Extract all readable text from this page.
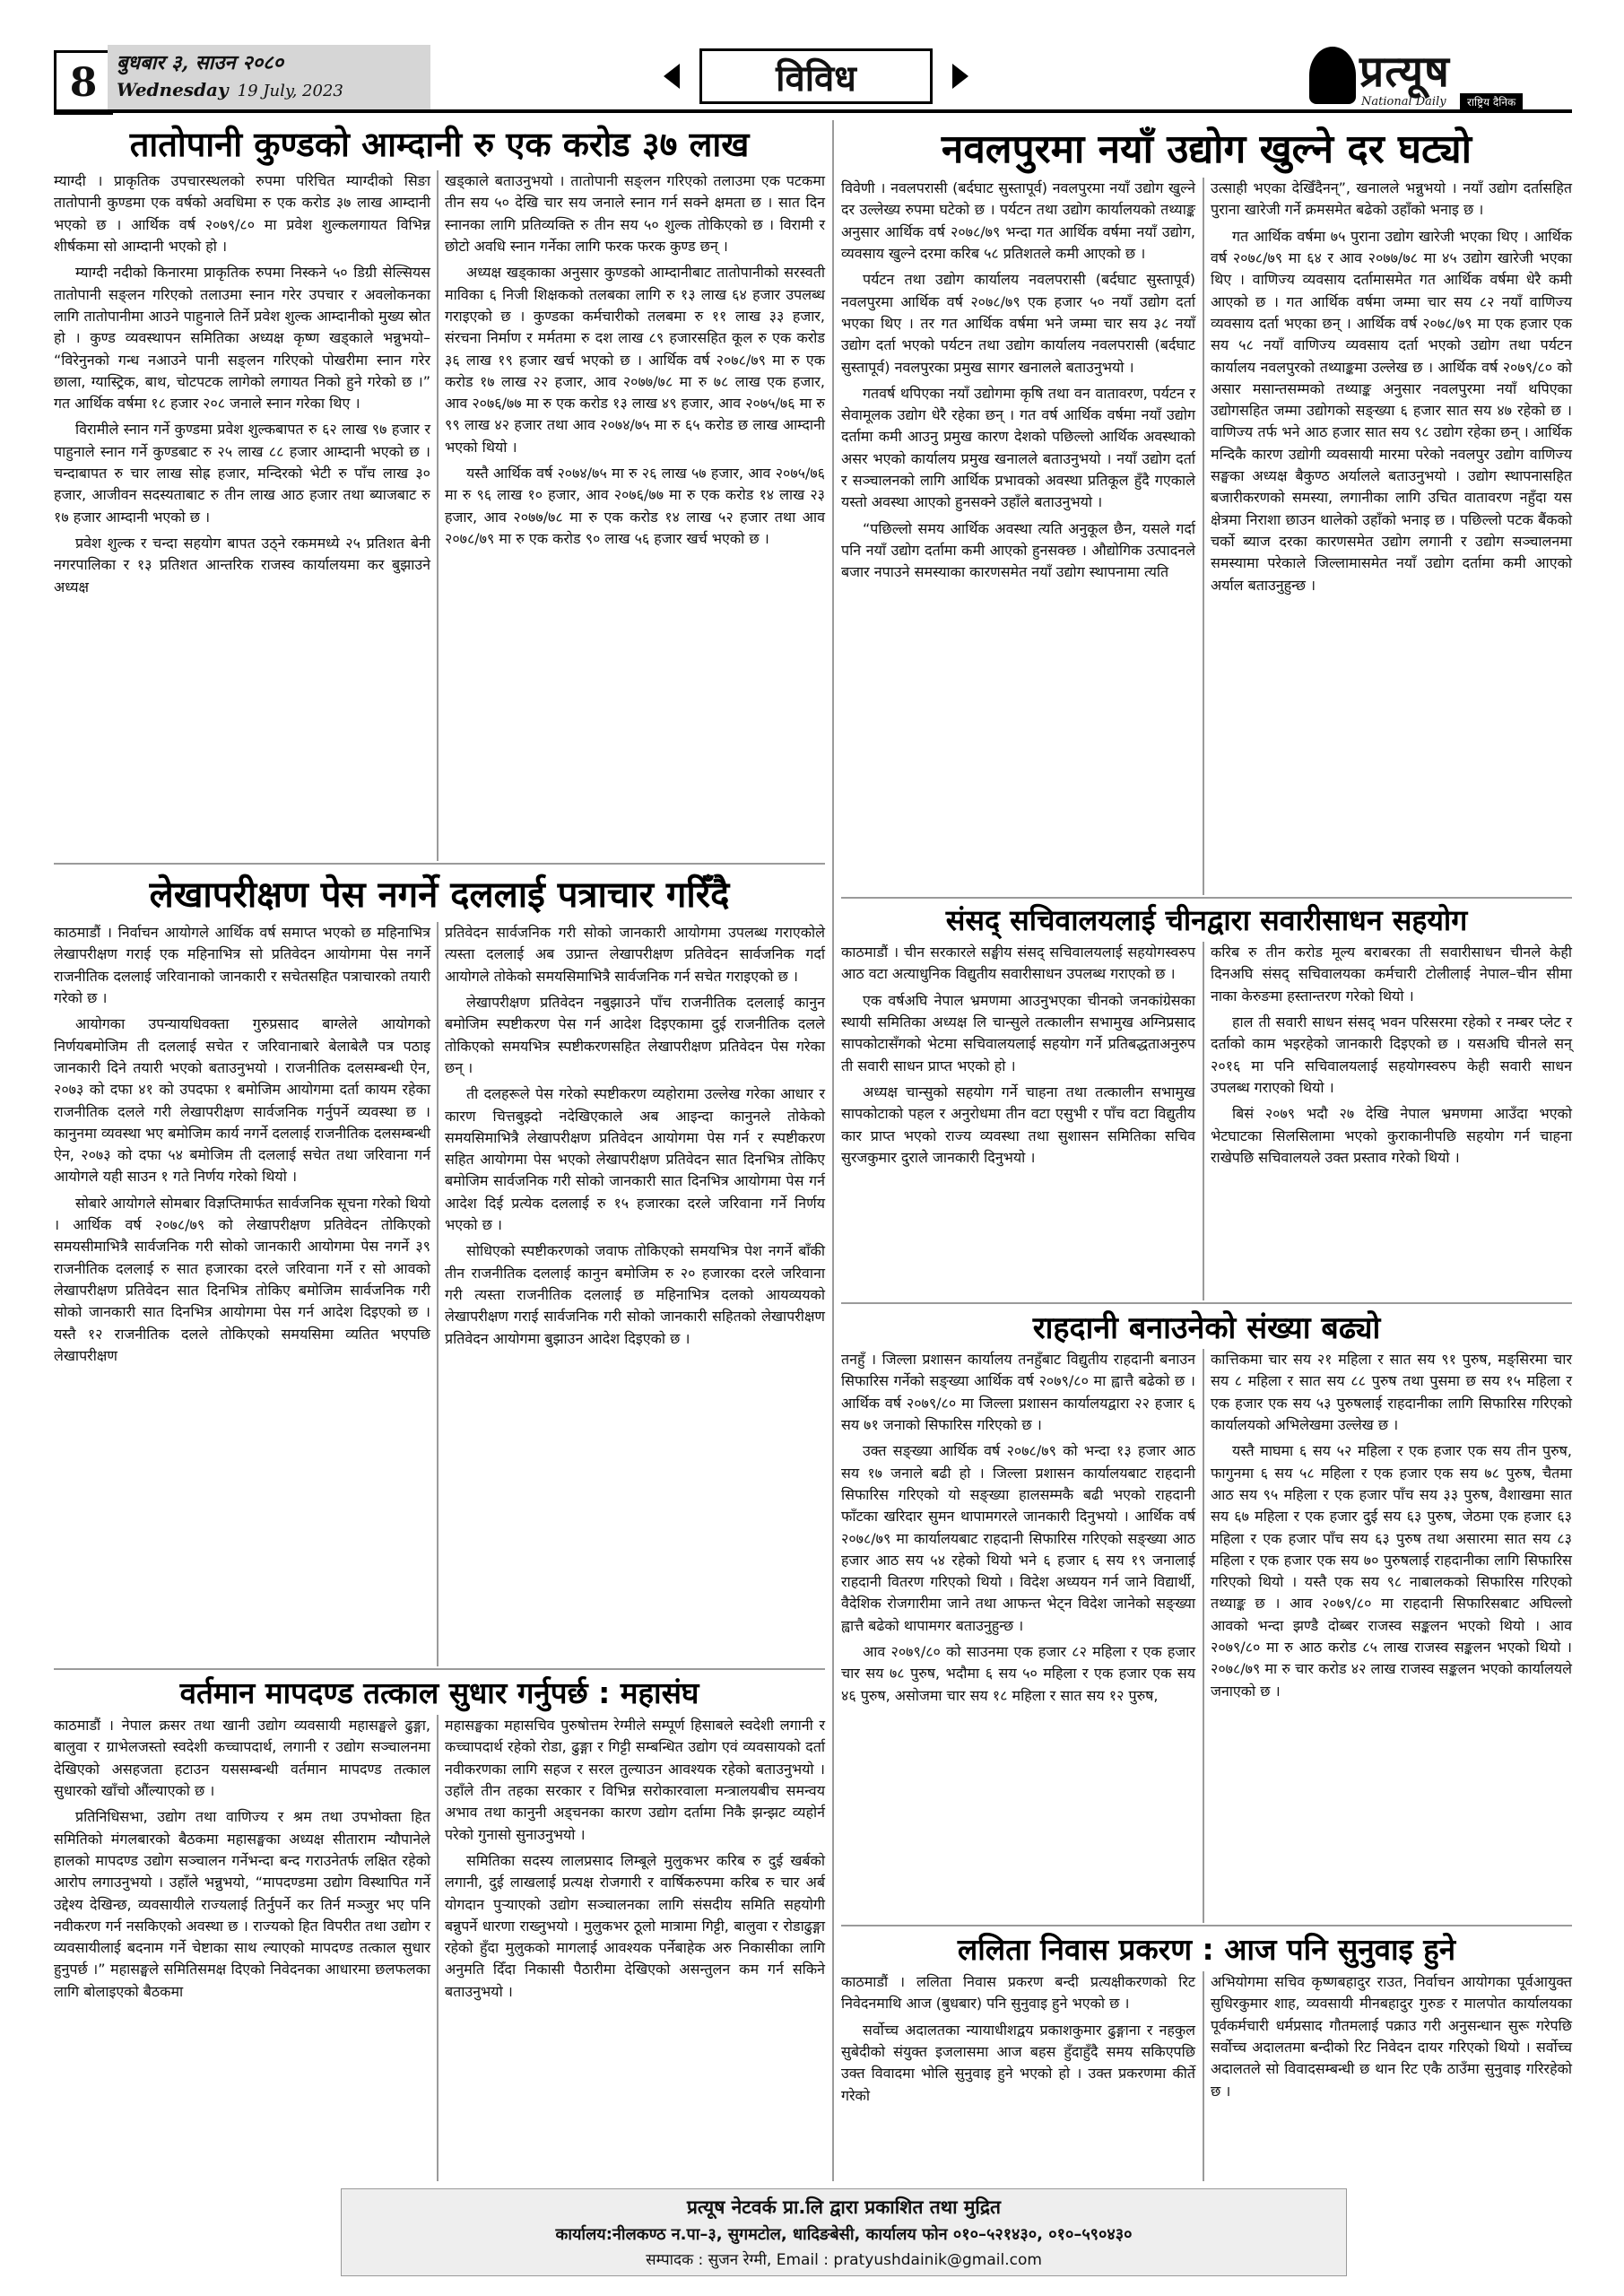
8 बुधबार ३, साउन २०८०
Wednesday 19 July, 2023	विविध	प्रत्यूष
National Daily	राष्ट्रिय दैनिक
तातोपानी कुण्डको आम्दानी रु एक करोड ३७ लाख

म्याग्दी । प्राकृतिक उपचारस्थलको रुपमा परिचित म्याग्दीको सिङा तातोपानी कुण्डमा एक वर्षको अवधिमा रु एक करोड ३७ लाख आम्दानी भएको छ । आर्थिक वर्ष २०७९/८० मा प्रवेश शुल्कलगायत विभिन्न शीर्षकमा सो आम्दानी भएको हो ।

म्याग्दी नदीको किनारमा प्राकृतिक रुपमा निस्कने ५० डिग्री सेल्सियस तातोपानी सङ्लन गरिएको तलाउमा स्नान गरेर उपचार र अवलोकनका लागि तातोपानीमा आउने पाहुनाले तिर्ने प्रवेश शुल्क आम्दानीको मुख्य स्रोत हो । कुण्ड व्यवस्थापन समितिका अध्यक्ष कृष्ण खड्काले भन्नुभयो– “विरेनुनको गन्ध नआउने पानी सङ्लन गरिएको पोखरीमा स्नान गरेर छाला, ग्यास्ट्रिक, बाथ, चोटपटक लागेको लगायत निको हुने गरेको छ ।” गत आर्थिक वर्षमा १८ हजार २०८ जनाले स्नान गरेका थिए ।

विरामीले स्नान गर्ने कुण्डमा प्रवेश शुल्कबापत रु ६२ लाख ९७ हजार र पाहुनाले स्नान गर्ने कुण्डबाट रु २५ लाख ८८ हजार आम्दानी भएको छ । चन्दाबापत रु चार लाख सोह्र हजार, मन्दिरको भेटी रु पाँच लाख ३० हजार, आजीवन सदस्यताबाट रु तीन लाख आठ हजार तथा ब्याजबाट रु १७ हजार आम्दानी भएको छ ।

प्रवेश शुल्क र चन्दा सहयोग बापत उठ्ने रकममध्ये २५ प्रतिशत बेनी नगरपालिका र १३ प्रतिशत आन्तरिक राजस्व कार्यालयमा कर बुझाउने अध्यक्ष

खड्काले बताउनुभयो । तातोपानी सङ्लन गरिएको तलाउमा एक पटकमा तीन सय ५० देखि चार सय जनाले स्नान गर्न सक्ने क्षमता छ । सात दिन स्नानका लागि प्रतिव्यक्ति रु तीन सय ५० शुल्क तोकिएको छ । विरामी र छोटो अवधि स्नान गर्नेका लागि फरक फरक कुण्ड छन् ।

अध्यक्ष खड्काका अनुसार कुण्डको आम्दानीबाट तातोपानीको सरस्वती माविका ६ निजी शिक्षकको तलबका लागि रु १३ लाख ६४ हजार उपलब्ध गराइएको छ । कुण्डका कर्मचारीको तलबमा रु ११ लाख ३३ हजार, संरचना निर्माण र मर्मतमा रु दश लाख ८९ हजारसहित कूल रु एक करोड ३६ लाख १९ हजार खर्च भएको छ । आर्थिक वर्ष २०७८/७९ मा रु एक करोड १७ लाख २२ हजार, आव २०७७/७८ मा रु ७८ लाख एक हजार, आव २०७६/७७ मा रु एक करोड १३ लाख ४९ हजार, आव २०७५/७६ मा रु ९९ लाख ४२ हजार तथा आव २०७४/७५ मा रु ६५ करोड छ लाख आम्दानी भएको थियो ।

यस्तै आर्थिक वर्ष २०७४/७५ मा रु २६ लाख ५७ हजार, आव २०७५/७६ मा रु ९६ लाख १० हजार, आव २०७६/७७ मा रु एक करोड १४ लाख २३ हजार, आव २०७७/७८ मा रु एक करोड १४ लाख ५२ हजार तथा आव २०७८/७९ मा रु एक करोड ९० लाख ५६ हजार खर्च भएको छ ।

लेखापरीक्षण पेस नगर्ने दललाई पत्राचार गरिँदै

काठमाडौं । निर्वाचन आयोगले आर्थिक वर्ष समाप्त भएको छ महिनाभित्र लेखापरीक्षण गराई एक महिनाभित्र सो प्रतिवेदन आयोगमा पेस नगर्ने राजनीतिक दललाई जरिवानाको जानकारी र सचेतसहित पत्राचारको तयारी गरेको छ ।

आयोगका उपन्यायधिवक्ता गुरुप्रसाद बाग्लेले आयोगको निर्णयबमोजिम ती दललाई सचेत र जरिवानाबारे बेलाबेलै पत्र पठाइ जानकारी दिने तयारी भएको बताउनुभयो । राजनीतिक दलसम्बन्धी ऐन, २०७३ को दफा ४१ को उपदफा १ बमोजिम आयोगमा दर्ता कायम रहेका राजनीतिक दलले गरी लेखापरीक्षण सार्वजनिक गर्नुपर्ने व्यवस्था छ । कानुनमा व्यवस्था भए बमोजिम कार्य नगर्ने दललाई राजनीतिक दलसम्बन्धी ऐन, २०७३ को दफा ५४ बमोजिम ती दललाई सचेत तथा जरिवाना गर्न आयोगले यही साउन १ गते निर्णय गरेको थियो ।

सोबारे आयोगले सोमबार विज्ञप्तिमार्फत सार्वजनिक सूचना गरेको थियो । आर्थिक वर्ष २०७८/७९ को लेखापरीक्षण प्रतिवेदन तोकिएको समयसीमाभित्रै सार्वजनिक गरी सोको जानकारी आयोगमा पेस नगर्ने ३९ राजनीतिक दललाई रु सात हजारका दरले जरिवाना गर्ने र सो आवको लेखापरीक्षण प्रतिवेदन सात दिनभित्र तोकिए बमोजिम सार्वजनिक गरी सोको जानकारी सात दिनभित्र आयोगमा पेस गर्न आदेश दिइएको छ । यस्तै १२ राजनीतिक दलले तोकिएको समयसिमा व्यतित भएपछि लेखापरीक्षण

प्रतिवेदन सार्वजनिक गरी सोको जानकारी आयोगमा उपलब्ध गराएकोले त्यस्ता दललाई अब उप्रान्त लेखापरीक्षण प्रतिवेदन सार्वजनिक गर्दा आयोगले तोकेको समयसिमाभित्रै सार्वजनिक गर्न सचेत गराइएको छ ।

लेखापरीक्षण प्रतिवेदन नबुझाउने पाँच राजनीतिक दललाई कानुन बमोजिम स्पष्टीकरण पेस गर्न आदेश दिइएकामा दुई राजनीतिक दलले तोकिएको समयभित्र स्पष्टीकरणसहित लेखापरीक्षण प्रतिवेदन पेस गरेका छन् ।

ती दलहरूले पेस गरेको स्पष्टीकरण व्यहोरामा उल्लेख गरेका आधार र कारण चित्तबुझ्दो नदेखिएकाले अब आइन्दा कानुनले तोकेको समयसिमाभित्रै लेखापरीक्षण प्रतिवेदन आयोगमा पेस गर्न र स्पष्टीकरण सहित आयोगमा पेस भएको लेखापरीक्षण प्रतिवेदन सात दिनभित्र तोकिए बमोजिम सार्वजनिक गरी सोको जानकारी सात दिनभित्र आयोगमा पेस गर्न आदेश दिई प्रत्येक दललाई रु १५ हजारका दरले जरिवाना गर्ने निर्णय भएको छ ।

सोधिएको स्पष्टीकरणको जवाफ तोकिएको समयभित्र पेश नगर्ने बाँकी तीन राजनीतिक दललाई कानुन बमोजिम रु २० हजारका दरले जरिवाना गरी त्यस्ता राजनीतिक दललाई छ महिनाभित्र दलको आयव्ययको लेखापरीक्षण गराई सार्वजनिक गरी सोको जानकारी सहितको लेखापरीक्षण प्रतिवेदन आयोगमा बुझाउन आदेश दिइएको छ ।

वर्तमान मापदण्ड तत्काल सुधार गर्नुपर्छ : महासंघ

काठमाडौं । नेपाल क्रसर तथा खानी उद्योग व्यवसायी महासङ्घले ढुङ्गा, बालुवा र ग्राभेलजस्तो स्वदेशी कच्चापदार्थ, लगानी र उद्योग सञ्चालनमा देखिएको असहजता हटाउन यससम्बन्धी वर्तमान मापदण्ड तत्काल सुधारको खाँचो औंल्याएको छ ।

प्रतिनिधिसभा, उद्योग तथा वाणिज्य र श्रम तथा उपभोक्ता हित समितिको मंगलबारको बैठकमा महासङ्घका अध्यक्ष सीताराम न्यौपानेले हालको मापदण्ड उद्योग सञ्चालन गर्नेभन्दा बन्द गराउनेतर्फ लक्षित रहेको आरोप लगाउनुभयो । उहाँले भन्नुभयो, “मापदण्डमा उद्योग विस्थापित गर्ने उद्देश्य देखिन्छ, व्यवसायीले राज्यलाई तिर्नुपर्ने कर तिर्न मञ्जुर भए पनि नवीकरण गर्न नसकिएको अवस्था छ । राज्यको हित विपरीत तथा उद्योग र व्यवसायीलाई बदनाम गर्ने चेष्टाका साथ ल्याएको मापदण्ड तत्काल सुधार हुनुपर्छ ।” महासङ्घले समितिसमक्ष दिएको निवेदनका आधारमा छलफलका लागि बोलाइएको बैठकमा

महासङ्घका महासचिव पुरुषोत्तम रेग्मीले सम्पूर्ण हिसाबले स्वदेशी लगानी र कच्चापदार्थ रहेको रोडा, ढुङ्गा र गिट्टी सम्बन्धित उद्योग एवं व्यवसायको दर्ता नवीकरणका लागि सहज र सरल तुल्याउन आवश्यक रहेको बताउनुभयो । उहाँले तीन तहका सरकार र विभिन्न सरोकारवाला मन्त्रालयबीच समन्वय अभाव तथा कानुनी अड्चनका कारण उद्योग दर्तामा निकै झन्झट व्यहोर्न परेको गुनासो सुनाउनुभयो ।

समितिका सदस्य लालप्रसाद लिम्बूले मुलुकभर करिब रु दुई खर्बको लगानी, दुई लाखलाई प्रत्यक्ष रोजगारी र वार्षिकरुपमा करिब रु चार अर्ब योगदान पुऱ्याएको उद्योग सञ्चालनका लागि संसदीय समिति सहयोगी बन्नुपर्ने धारणा राख्नुभयो । मुलुकभर ठूलो मात्रामा गिट्टी, बालुवा र रोडाढुङ्गा रहेको हुँदा मुलुकको मागलाई आवश्यक पर्नेबाहेक अरु निकासीका लागि अनुमति दिँदा निकासी पैठारीमा देखिएको असन्तुलन कम गर्न सकिने बताउनुभयो ।

नवलपुरमा नयाँ उद्योग खुल्ने दर घट्यो

विवेणी । नवलपरासी (बर्दघाट सुस्तापूर्व) नवलपुरमा नयाँ उद्योग खुल्ने दर उल्लेख्य रुपमा घटेको छ । पर्यटन तथा उद्योग कार्यालयको तथ्याङ्क अनुसार आर्थिक वर्ष २०७८/७९ भन्दा गत आर्थिक वर्षमा नयाँ उद्योग, व्यवसाय खुल्ने दरमा करिब ५८ प्रतिशतले कमी आएको छ ।

पर्यटन तथा उद्योग कार्यालय नवलपरासी (बर्दघाट सुस्तापूर्व) नवलपुरमा आर्थिक वर्ष २०७८/७९ एक हजार ५० नयाँ उद्योग दर्ता भएका थिए । तर गत आर्थिक वर्षमा भने जम्मा चार सय ३८ नयाँ उद्योग दर्ता भएको पर्यटन तथा उद्योग कार्यालय नवलपरासी (बर्दघाट सुस्तापूर्व) नवलपुरका प्रमुख सागर खनालले बताउनुभयो ।

गतवर्ष थपिएका नयाँ उद्योगमा कृषि तथा वन वातावरण, पर्यटन र सेवामूलक उद्योग धेरै रहेका छन् । गत वर्ष आर्थिक वर्षमा नयाँ उद्योग दर्तामा कमी आउनु प्रमुख कारण देशको पछिल्लो आर्थिक अवस्थाको असर भएको कार्यालय प्रमुख खनालले बताउनुभयो । नयाँ उद्योग दर्ता र सञ्चालनको लागि आर्थिक प्रभावको अवस्था प्रतिकूल हुँदै गएकाले यस्तो अवस्था आएको हुनसक्ने उहाँले बताउनुभयो ।

“पछिल्लो समय आर्थिक अवस्था त्यति अनुकूल छैन, यसले गर्दा पनि नयाँ उद्योग दर्तामा कमी आएको हुनसक्छ । औद्योगिक उत्पादनले बजार नपाउने समस्याका कारणसमेत नयाँ उद्योग स्थापनामा त्यति

उत्साही भएका देखिँदैनन्”, खनालले भन्नुभयो । नयाँ उद्योग दर्तासहित पुराना खारेजी गर्ने क्रमसमेत बढेको उहाँको भनाइ छ ।

गत आर्थिक वर्षमा ७५ पुराना उद्योग खारेजी भएका थिए । आर्थिक वर्ष २०७८/७९ मा ६४ र आव २०७७/७८ मा ४५ उद्योग खारेजी भएका थिए । वाणिज्य व्यवसाय दर्तामासमेत गत आर्थिक वर्षमा धेरै कमी आएको छ । गत आर्थिक वर्षमा जम्मा चार सय ८२ नयाँ वाणिज्य व्यवसाय दर्ता भएका छन् । आर्थिक वर्ष २०७८/७९ मा एक हजार एक सय ५८ नयाँ वाणिज्य व्यवसाय दर्ता भएको उद्योग तथा पर्यटन कार्यालय नवलपुरको तथ्याङ्कमा उल्लेख छ । आर्थिक वर्ष २०७९/८० को असार मसान्तसम्मको तथ्याङ्क अनुसार नवलपुरमा नयाँ थपिएका उद्योगसहित जम्मा उद्योगको सङ्ख्या ६ हजार सात सय ४७ रहेको छ । वाणिज्य तर्फ भने आठ हजार सात सय ९८ उद्योग रहेका छन् । आर्थिक मन्दिकै कारण उद्योगी व्यवसायी मारमा परेको नवलपुर उद्योग वाणिज्य सङ्घका अध्यक्ष बैकुण्ठ अर्यालले बताउनुभयो । उद्योग स्थापनासहित बजारीकरणको समस्या, लगानीका लागि उचित वातावरण नहुँदा यस क्षेत्रमा निराशा छाउन थालेको उहाँको भनाइ छ । पछिल्लो पटक बैंकको चर्को ब्याज दरका कारणसमेत उद्योग लगानी र उद्योग सञ्चालनमा समस्यामा परेकाले जिल्लामासमेत नयाँ उद्योग दर्तामा कमी आएको अर्याल बताउनुहुन्छ ।

संसद् सचिवालयलाई चीनद्वारा सवारीसाधन सहयोग

काठमाडौं । चीन सरकारले सङ्घीय संसद् सचिवालयलाई सहयोगस्वरुप आठ वटा अत्याधुनिक विद्युतीय सवारीसाधन उपलब्ध गराएको छ ।

एक वर्षअघि नेपाल भ्रमणमा आउनुभएका चीनको जनकांग्रेसका स्थायी समितिका अध्यक्ष लि चान्सुले तत्कालीन सभामुख अग्निप्रसाद सापकोटासँगको भेटमा सचिवालयलाई सहयोग गर्ने प्रतिबद्धताअनुरुप ती सवारी साधन प्राप्त भएको हो ।

अध्यक्ष चान्सुको सहयोग गर्ने चाहना तथा तत्कालीन सभामुख सापकोटाको पहल र अनुरोधमा तीन वटा एसुभी र पाँच वटा विद्युतीय कार प्राप्त भएको राज्य व्यवस्था तथा सुशासन समितिका सचिव सुरजकुमार दुरालेे जानकारी दिनुभयो ।

करिब रु तीन करोड मूल्य बराबरका ती सवारीसाधन चीनले केही दिनअघि संसद् सचिवालयका कर्मचारी टोलीलाई नेपाल–चीन सीमा नाका केरुङमा हस्तान्तरण गरेको थियो ।

हाल ती सवारी साधन संसद् भवन परिसरमा रहेको र नम्बर प्लेट र दर्ताको काम भइरहेको जानकारी दिइएको छ । यसअघि चीनले सन् २०१६ मा पनि सचिवालयलाई सहयोगस्वरुप केही सवारी साधन उपलब्ध गराएको थियो ।

बिसं २०७९ भदौ २७ देखि नेपाल भ्रमणमा आउँदा भएको भेटघाटका सिलसिलामा भएको कुराकानीपछि सहयोग गर्न चाहना राखेपछि सचिवालयले उक्त प्रस्ताव गरेको थियो ।

राहदानी बनाउनेको संख्या बढ्यो

तनहुँ । जिल्ला प्रशासन कार्यालय तनहुँबाट विद्युतीय राहदानी बनाउन सिफारिस गर्नेको सङ्ख्या आर्थिक वर्ष २०७९/८० मा ह्वात्तै बढेको छ । आर्थिक वर्ष २०७९/८० मा जिल्ला प्रशासन कार्यालयद्वारा २२ हजार ६ सय ७१ जनाको सिफारिस गरिएको छ ।

उक्त सङ्ख्या आर्थिक वर्ष २०७८/७९ को भन्दा १३ हजार आठ सय १७ जनाले बढी हो । जिल्ला प्रशासन कार्यालयबाट राहदानी सिफारिस गरिएको यो सङ्ख्या हालसम्मकै बढी भएको राहदानी फाँटका खरिदार सुमन थापामगरले जानकारी दिनुभयो । आर्थिक वर्ष २०७८/७९ मा कार्यालयबाट राहदानी सिफारिस गरिएको सङ्ख्या आठ हजार आठ सय ५४ रहेको थियो भने ६ हजार ६ सय १९ जनालाई राहदानी वितरण गरिएको थियो । विदेश अध्ययन गर्न जाने विद्यार्थी, वैदेशिक रोजगारीमा जाने तथा आफन्त भेट्न विदेश जानेको सङ्ख्या ह्वात्तै बढेको थापामगर बताउनुहुन्छ ।

आव २०७९/८० को साउनमा एक हजार ८२ महिला र एक हजार चार सय ७८ पुरुष, भदौमा ६ सय ५० महिला र एक हजार एक सय ४६ पुरुष, असोजमा चार सय १८ महिला र सात सय १२ पुरुष,

कात्तिकमा चार सय २१ महिला र सात सय ९१ पुरुष, मङ्सिरमा चार सय ८ महिला र सात सय ८८ पुरुष तथा पुसमा छ सय १५ महिला र एक हजार एक सय ५३ पुरुषलाई राहदानीका लागि सिफारिस गरिएको कार्यालयको अभिलेखमा उल्लेख छ ।

यस्तै माघमा ६ सय ५२ महिला र एक हजार एक सय तीन पुरुष, फागुनमा ६ सय ५८ महिला र एक हजार एक सय ७८ पुरुष, चैतमा आठ सय ९५ महिला र एक हजार पाँच सय ३३ पुरुष, वैशाखमा सात सय ६७ महिला र एक हजार दुई सय ६३ पुरुष, जेठमा एक हजार ६३ महिला र एक हजार पाँच सय ६३ पुरुष तथा असारमा सात सय ८३ महिला र एक हजार एक सय ७० पुरुषलाई राहदानीका लागि सिफारिस गरिएको थियो । यस्तै एक सय ९८ नाबालकको सिफारिस गरिएको तथ्याङ्क छ । आव २०७९/८० मा राहदानी सिफारिसबाट अघिल्लो आवको भन्दा झण्डै दोब्बर राजस्व सङ्कलन भएको थियो । आव २०७९/८० मा रु आठ करोड ८५ लाख राजस्व सङ्कलन भएको थियो । २०७८/७९ मा रु चार करोड ४२ लाख राजस्व सङ्कलन भएको कार्यालयले जनाएको छ ।

ललिता निवास प्रकरण : आज पनि सुनुवाइ हुने

काठमाडौं । ललिता निवास प्रकरण बन्दी प्रत्यक्षीकरणको रिट निवेदनमाथि आज (बुधबार) पनि सुनुवाइ हुने भएको छ ।

सर्वोच्च अदालतका न्यायाधीशद्वय प्रकाशकुमार ढुङ्गाना र नहकुल सुबेदीको संयुक्त इजलासमा आज बहस हुँदाहुँदै समय सकिएपछि उक्त विवादमा भोलि सुनुवाइ हुने भएको हो । उक्त प्रकरणमा कीर्ते गरेको

अभियोगमा सचिव कृष्णबहादुर राउत, निर्वाचन आयोगका पूर्वआयुक्त सुधिरकुमार शाह, व्यवसायी मीनबहादुर गुरुङ र मालपोत कार्यालयका पूर्वकर्मचारी धर्मप्रसाद गौतमलाई पक्राउ गरी अनुसन्धान सुरू गरेपछि सर्वोच्च अदालतमा बन्दीको रिट निवेदन दायर गरिएको थियो । सर्वोच्च अदालतले सो विवादसम्बन्धी छ थान रिट एकै ठाउँमा सुनुवाइ गरिरहेको छ ।

प्रत्यूष नेटवर्क प्रा.लि द्वारा प्रकाशित तथा मुद्रित
कार्यालय:नीलकण्ठ न.पा–३, सुगमटोल, धादिङबेसी, कार्यालय फोन ०१०–५२१४३०, ०१०–५९०४३०
सम्पादक : सुजन रेग्मी, Email : pratyushdainik@gmail.com
